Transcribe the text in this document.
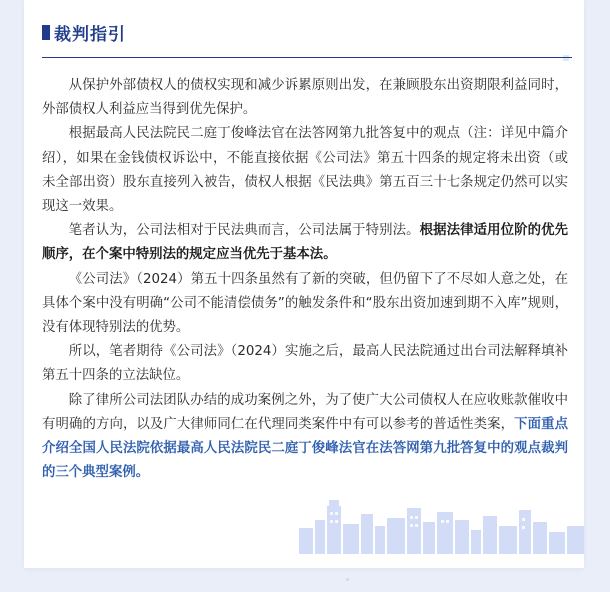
裁判指引

从保护外部债权人的债权实现和减少诉累原则出发，在兼顾股东出资期限利益同时，外部债权人利益应当得到优先保护。

根据最高人民法院民二庭丁俊峰法官在法答网第九批答复中的观点（注：详见中篇介绍），如果在金钱债权诉讼中，不能直接依据《公司法》第五十四条的规定将未出资（或未全部出资）股东直接列入被告，债权人根据《民法典》第五百三十七条规定仍然可以实现这一效果。

笔者认为，公司法相对于民法典而言，公司法属于特别法。根据法律适用位阶的优先顺序，在个案中特别法的规定应当优先于基本法。

《公司法》（2024）第五十四条虽然有了新的突破，但仍留下了不尽如人意之处，在具体个案中没有明确“公司不能清偿债务”的触发条件和“股东出资加速到期不入库”规则，没有体现特别法的优势。

所以，笔者期待《公司法》（2024）实施之后，最高人民法院通过出台司法解释填补第五十四条的立法缺位。

除了律所公司法团队办结的成功案例之外，为了使广大公司债权人在应收账款催收中有明确的方向，以及广大律师同仁在代理同类案件中有可以参考的普适性类案，下面重点介绍全国人民法院依据最高人民法院民二庭丁俊峰法官在法答网第九批答复中的观点裁判的三个典型案例。
